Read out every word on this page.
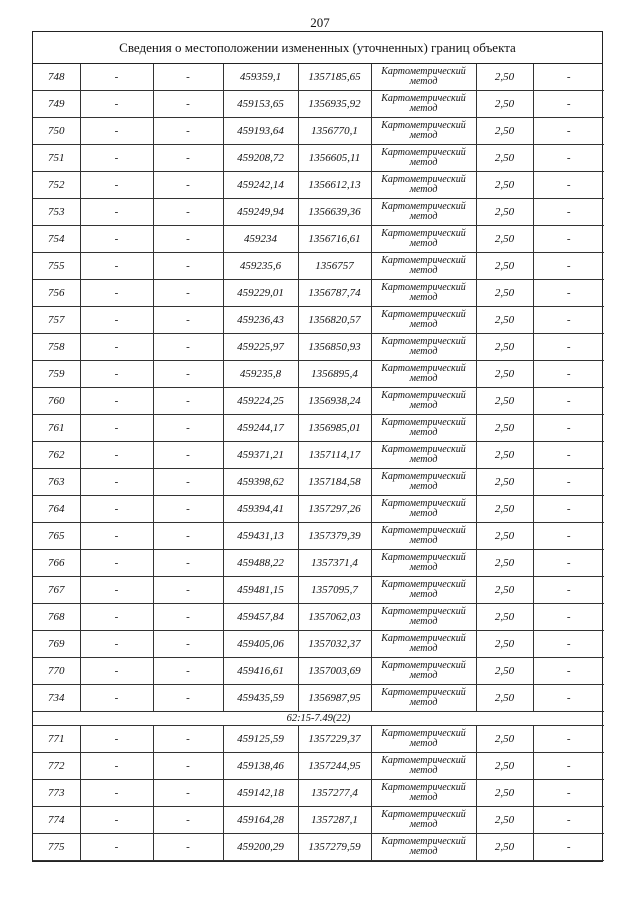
207
Сведения о местоположении измененных (уточненных) границ объекта
748	-	-	459359,1	1357185,65	Картометрический метод	2,50	-
749	-	-	459153,65	1356935,92	Картометрический метод	2,50	-
750	-	-	459193,64	1356770,1	Картометрический метод	2,50	-
751	-	-	459208,72	1356605,11	Картометрический метод	2,50	-
752	-	-	459242,14	1356612,13	Картометрический метод	2,50	-
753	-	-	459249,94	1356639,36	Картометрический метод	2,50	-
754	-	-	459234	1356716,61	Картометрический метод	2,50	-
755	-	-	459235,6	1356757	Картометрический метод	2,50	-
756	-	-	459229,01	1356787,74	Картометрический метод	2,50	-
757	-	-	459236,43	1356820,57	Картометрический метод	2,50	-
758	-	-	459225,97	1356850,93	Картометрический метод	2,50	-
759	-	-	459235,8	1356895,4	Картометрический метод	2,50	-
760	-	-	459224,25	1356938,24	Картометрический метод	2,50	-
761	-	-	459244,17	1356985,01	Картометрический метод	2,50	-
762	-	-	459371,21	1357114,17	Картометрический метод	2,50	-
763	-	-	459398,62	1357184,58	Картометрический метод	2,50	-
764	-	-	459394,41	1357297,26	Картометрический метод	2,50	-
765	-	-	459431,13	1357379,39	Картометрический метод	2,50	-
766	-	-	459488,22	1357371,4	Картометрический метод	2,50	-
767	-	-	459481,15	1357095,7	Картометрический метод	2,50	-
768	-	-	459457,84	1357062,03	Картометрический метод	2,50	-
769	-	-	459405,06	1357032,37	Картометрический метод	2,50	-
770	-	-	459416,61	1357003,69	Картометрический метод	2,50	-
734	-	-	459435,59	1356987,95	Картометрический метод	2,50	-
62:15-7.49(22)							
771	-	-	459125,59	1357229,37	Картометрический метод	2,50	-
772	-	-	459138,46	1357244,95	Картометрический метод	2,50	-
773	-	-	459142,18	1357277,4	Картометрический метод	2,50	-
774	-	-	459164,28	1357287,1	Картометрический метод	2,50	-
775	-	-	459200,29	1357279,59	Картометрический метод	2,50	-
